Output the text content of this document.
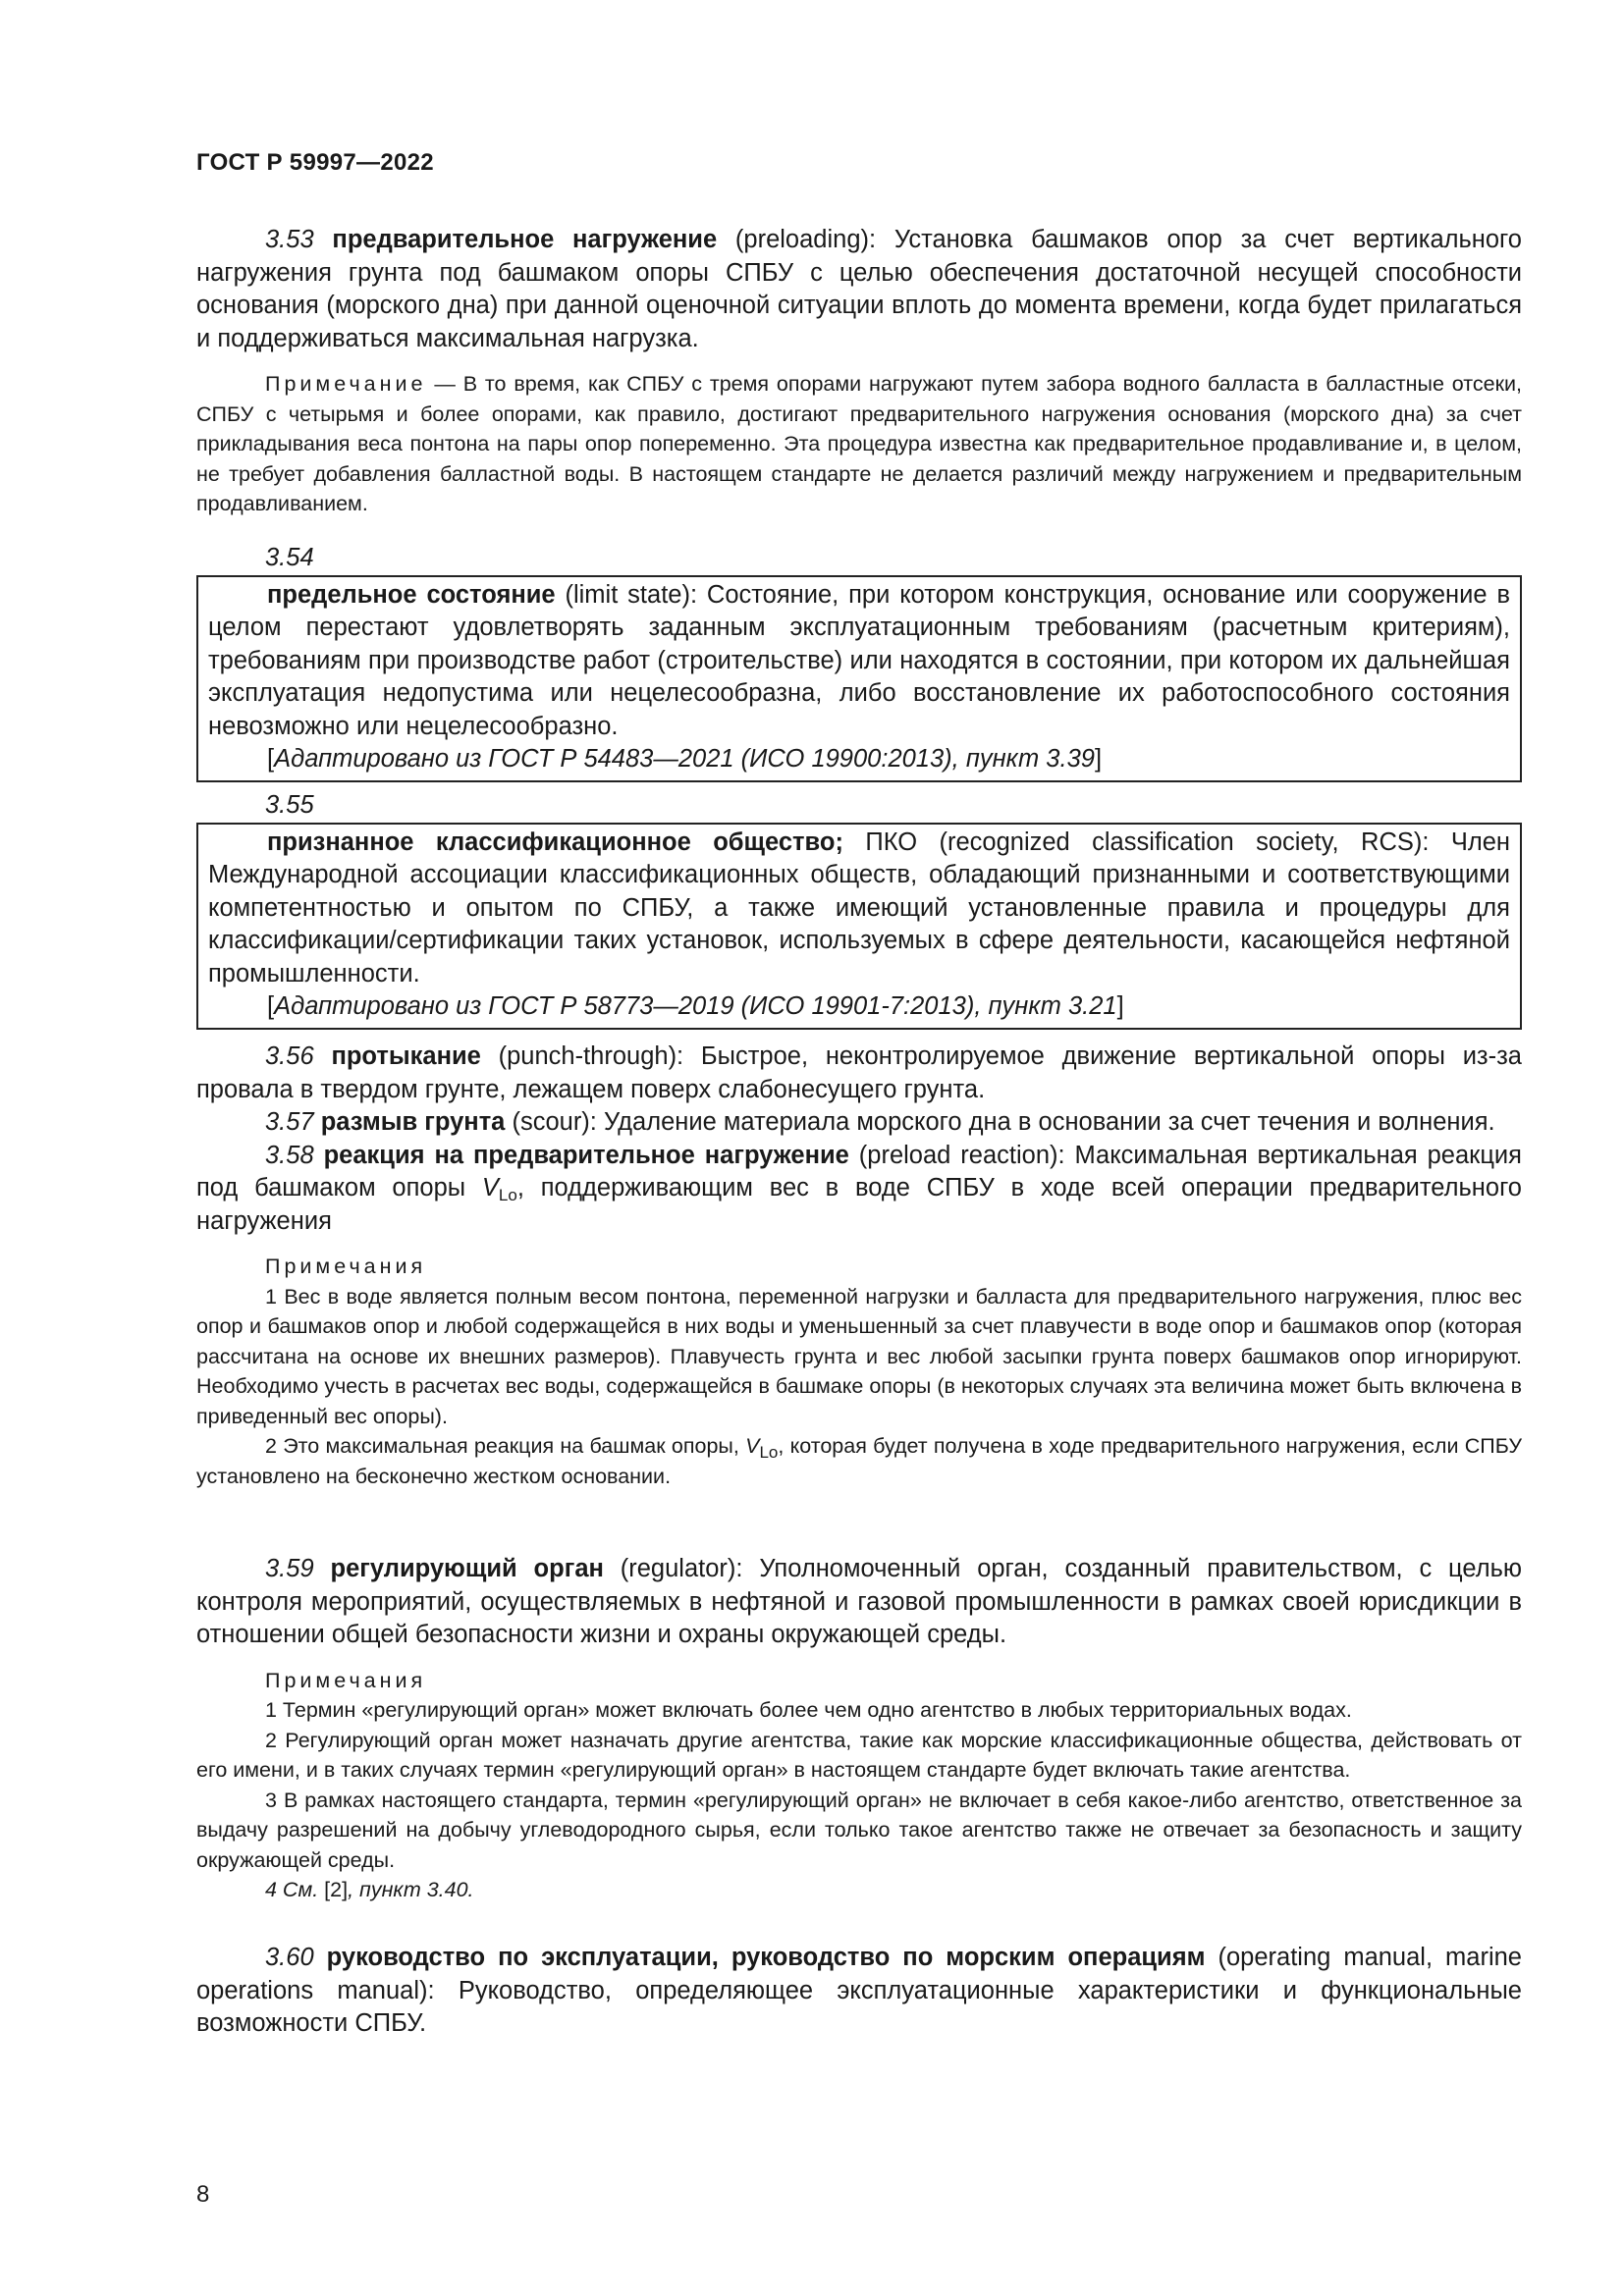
ГОСТ Р 59997—2022
3.53 предварительное нагружение (preloading): Установка башмаков опор за счет вертикального нагружения грунта под башмаком опоры СПБУ с целью обеспечения достаточной несущей способности основания (морского дна) при данной оценочной ситуации вплоть до момента времени, когда будет прилагаться и поддерживаться максимальная нагрузка.
Примечание — В то время, как СПБУ с тремя опорами нагружают путем забора водного балласта в балластные отсеки, СПБУ с четырьмя и более опорами, как правило, достигают предварительного нагружения основания (морского дна) за счет прикладывания веса понтона на пары опор попеременно. Эта процедура известна как предварительное продавливание и, в целом, не требует добавления балластной воды. В настоящем стандарте не делается различий между нагружением и предварительным продавливанием.
3.54
предельное состояние (limit state): Состояние, при котором конструкция, основание или сооружение в целом перестают удовлетворять заданным эксплуатационным требованиям (расчетным критериям), требованиям при производстве работ (строительстве) или находятся в состоянии, при котором их дальнейшая эксплуатация недопустима или нецелесообразна, либо восстановление их работоспособного состояния невозможно или нецелесообразно.
[Адаптировано из ГОСТ Р 54483—2021 (ИСО 19900:2013), пункт 3.39]
3.55
признанное классификационное общество; ПКО (recognized classification society, RCS): Член Международной ассоциации классификационных обществ, обладающий признанными и соответствующими компетентностью и опытом по СПБУ, а также имеющий установленные правила и процедуры для классификации/сертификации таких установок, используемых в сфере деятельности, касающейся нефтяной промышленности.
[Адаптировано из ГОСТ Р 58773—2019 (ИСО 19901-7:2013), пункт 3.21]
3.56 протыкание (punch-through): Быстрое, неконтролируемое движение вертикальной опоры из-за провала в твердом грунте, лежащем поверх слабонесущего грунта.
3.57 размыв грунта (scour): Удаление материала морского дна в основании за счет течения и волнения.
3.58 реакция на предварительное нагружение (preload reaction): Максимальная вертикальная реакция под башмаком опоры $V_{Lo}$, поддерживающим вес в воде СПБУ в ходе всей операции предварительного нагружения
Примечания
1 Вес в воде является полным весом понтона, переменной нагрузки и балласта для предварительного нагружения, плюс вес опор и башмаков опор и любой содержащейся в них воды и уменьшенный за счет плавучести в воде опор и башмаков опор (которая рассчитана на основе их внешних размеров). Плавучесть грунта и вес любой засыпки грунта поверх башмаков опор игнорируют. Необходимо учесть в расчетах вес воды, содержащейся в башмаке опоры (в некоторых случаях эта величина может быть включена в приведенный вес опоры).
2 Это максимальная реакция на башмак опоры, $V_{Lo}$, которая будет получена в ходе предварительного нагружения, если СПБУ установлено на бесконечно жестком основании.
3.59 регулирующий орган (regulator): Уполномоченный орган, созданный правительством, с целью контроля мероприятий, осуществляемых в нефтяной и газовой промышленности в рамках своей юрисдикции в отношении общей безопасности жизни и охраны окружающей среды.
Примечания
1 Термин «регулирующий орган» может включать более чем одно агентство в любых территориальных водах.
2 Регулирующий орган может назначать другие агентства, такие как морские классификационные общества, действовать от его имени, и в таких случаях термин «регулирующий орган» в настоящем стандарте будет включать такие агентства.
3 В рамках настоящего стандарта, термин «регулирующий орган» не включает в себя какое-либо агентство, ответственное за выдачу разрешений на добычу углеводородного сырья, если только такое агентство также не отвечает за безопасность и защиту окружающей среды.
4 См. [2], пункт 3.40.
3.60 руководство по эксплуатации, руководство по морским операциям (operating manual, marine operations manual): Руководство, определяющее эксплуатационные характеристики и функциональные возможности СПБУ.
8
